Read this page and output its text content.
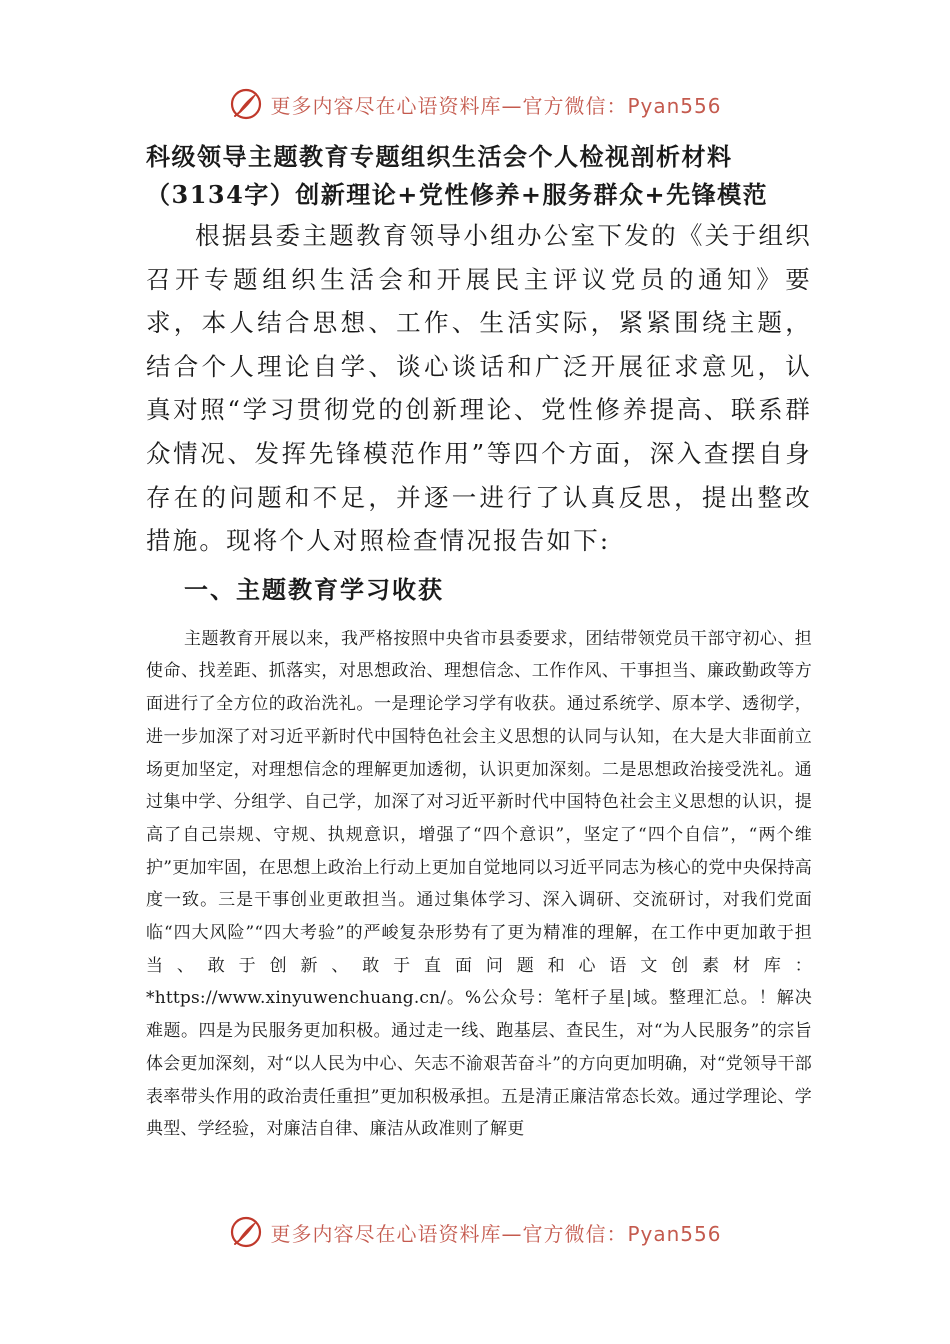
更多内容尽在心语资料库—官方微信：Pyan556
科级领导主题教育专题组织生活会个人检视剖析材料（3134字）创新理论+党性修养+服务群众+先锋模范

根据县委主题教育领导小组办公室下发的《关于组织召开专题组织生活会和开展民主评议党员的通知》要求，本人结合思想、工作、生活实际，紧紧围绕主题，结合个人理论自学、谈心谈话和广泛开展征求意见，认真对照“学习贯彻党的创新理论、党性修养提高、联系群众情况、发挥先锋模范作用”等四个方面，深入查摆自身存在的问题和不足，并逐一进行了认真反思，提出整改措施。现将个人对照检查情况报告如下:

一、主题教育学习收获

主题教育开展以来，我严格按照中央省市县委要求，团结带领党员干部守初心、担使命、找差距、抓落实，对思想政治、理想信念、工作作风、干事担当、廉政勤政等方面进行了全方位的政治洗礼。一是理论学习学有收获。通过系统学、原本学、透彻学，进一步加深了对习近平新时代中国特色社会主义思想的认同与认知，在大是大非面前立场更加坚定，对理想信念的理解更加透彻，认识更加深刻。二是思想政治接受洗礼。通过集中学、分组学、自己学，加深了对习近平新时代中国特色社会主义思想的认识，提高了自己崇规、守规、执规意识，增强了“四个意识”，坚定了“四个自信”，“两个维护”更加牢固，在思想上政治上行动上更加自觉地同以习近平同志为核心的党中央保持高度一致。三是干事创业更敢担当。通过集体学习、深入调研、交流研讨，对我们党面临“四大风险”“四大考验”的严峻复杂形势有了更为精准的理解，在工作中更加敢于担当、敢于创新、敢于直面问题和心语文创素材库：*https://www.xinyuwenchuang.cn/。%公众号：笔杆子星|域。整理汇总。！解决难题。四是为民服务更加积极。通过走一线、跑基层、查民生，对“为人民服务”的宗旨体会更加深刻，对“以人民为中心、矢志不渝艰苦奋斗”的方向更加明确，对“党领导干部表率带头作用的政治责任重担”更加积极承担。五是清正廉洁常态长效。通过学理论、学典型、学经验，对廉洁自律、廉洁从政准则了解更

更多内容尽在心语资料库—官方微信：Pyan556
